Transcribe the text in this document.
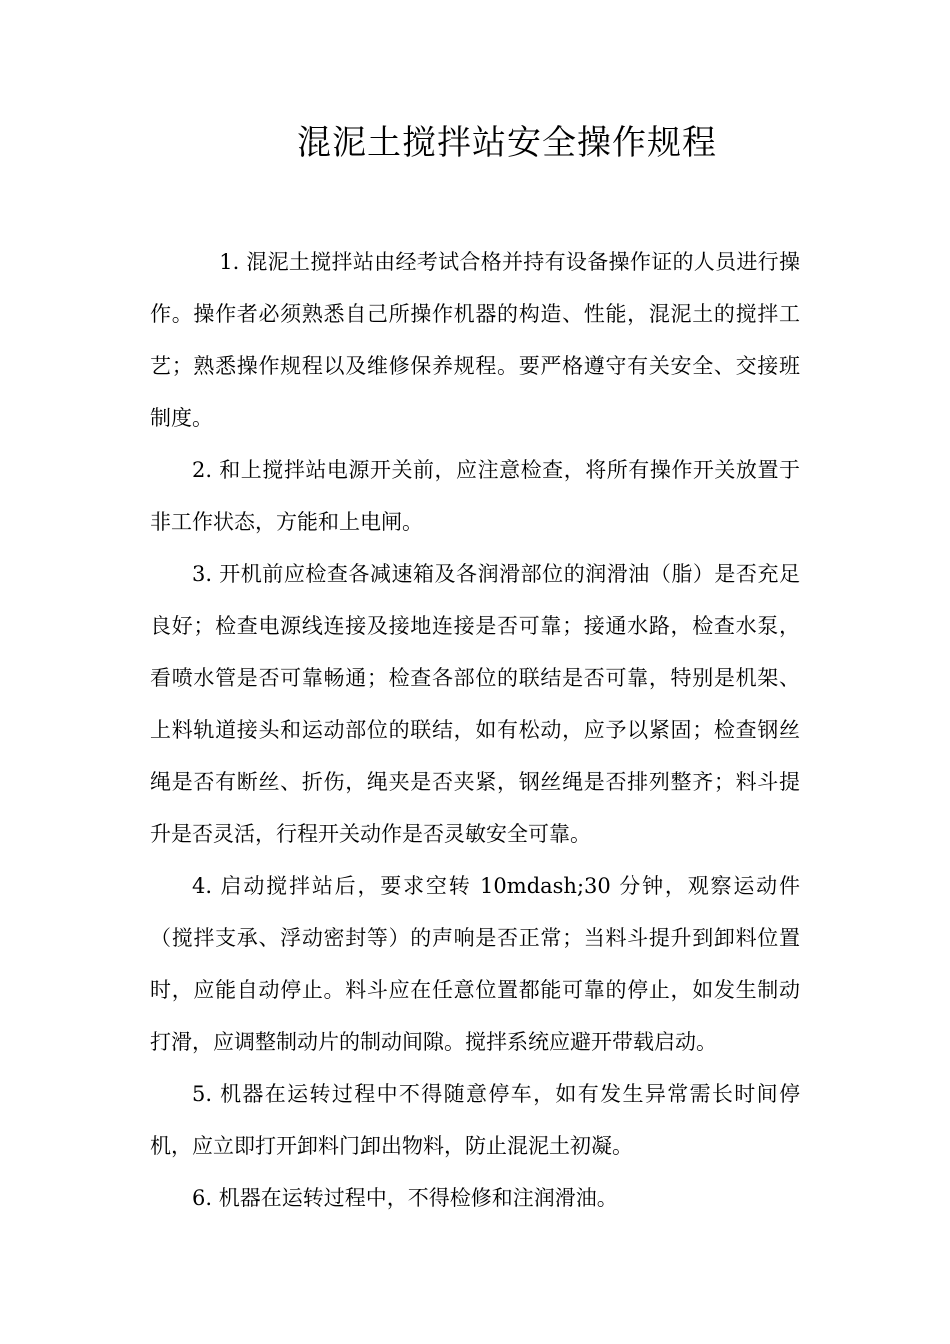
混泥土搅拌站安全操作规程

1. 混泥土搅拌站由经考试合格并持有设备操作证的人员进行操作。操作者必须熟悉自己所操作机器的构造、性能，混泥土的搅拌工艺；熟悉操作规程以及维修保养规程。要严格遵守有关安全、交接班制度。

2. 和上搅拌站电源开关前，应注意检查，将所有操作开关放置于非工作状态，方能和上电闸。

3. 开机前应检查各减速箱及各润滑部位的润滑油（脂）是否充足良好；检查电源线连接及接地连接是否可靠；接通水路，检查水泵，看喷水管是否可靠畅通；检查各部位的联结是否可靠，特别是机架、上料轨道接头和运动部位的联结，如有松动，应予以紧固；检查钢丝绳是否有断丝、折伤，绳夹是否夹紧，钢丝绳是否排列整齐；料斗提升是否灵活，行程开关动作是否灵敏安全可靠。

4. 启动搅拌站后，要求空转 10mdash;30 分钟，观察运动件（搅拌支承、浮动密封等）的声响是否正常；当料斗提升到卸料位置时，应能自动停止。料斗应在任意位置都能可靠的停止，如发生制动打滑，应调整制动片的制动间隙。搅拌系统应避开带载启动。

5. 机器在运转过程中不得随意停车，如有发生异常需长时间停机，应立即打开卸料门卸出物料，防止混泥土初凝。

6. 机器在运转过程中，不得检修和注润滑油。
